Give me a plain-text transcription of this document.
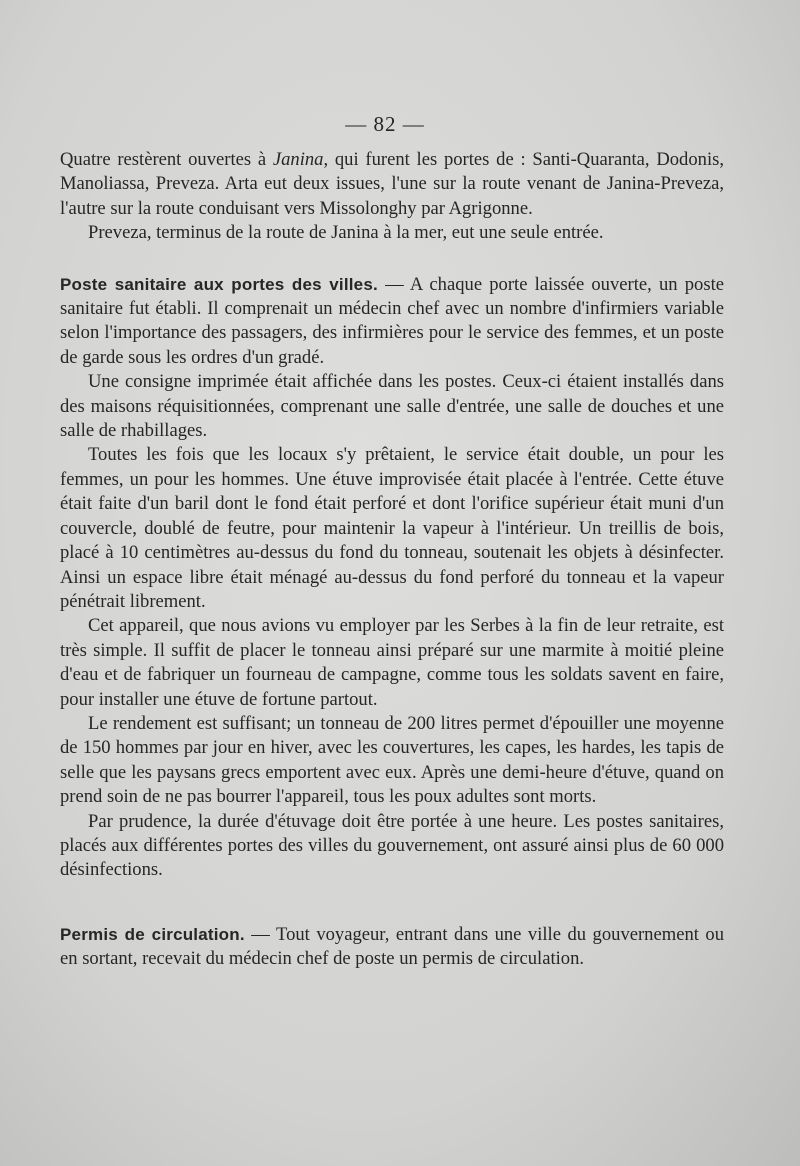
— 82 —

Quatre restèrent ouvertes à Janina, qui furent les portes de : Santi-Quaranta, Dodonis, Manoliassa, Preveza. Arta eut deux issues, l'une sur la route venant de Janina-Preveza, l'autre sur la route conduisant vers Missolonghy par Agrigonne.

Preveza, terminus de la route de Janina à la mer, eut une seule entrée.

Poste sanitaire aux portes des villes. — A chaque porte laissée ouverte, un poste sanitaire fut établi. Il comprenait un médecin chef avec un nombre d'infirmiers variable selon l'importance des passagers, des infirmières pour le service des femmes, et un poste de garde sous les ordres d'un gradé.

Une consigne imprimée était affichée dans les postes. Ceux-ci étaient installés dans des maisons réquisitionnées, comprenant une salle d'entrée, une salle de douches et une salle de rhabillages.

Toutes les fois que les locaux s'y prêtaient, le service était double, un pour les femmes, un pour les hommes. Une étuve improvisée était placée à l'entrée. Cette étuve était faite d'un baril dont le fond était perforé et dont l'orifice supérieur était muni d'un couvercle, doublé de feutre, pour maintenir la vapeur à l'intérieur. Un treillis de bois, placé à 10 centimètres au-dessus du fond du tonneau, soutenait les objets à désinfecter. Ainsi un espace libre était ménagé au-dessus du fond perforé du tonneau et la vapeur pénétrait librement.

Cet appareil, que nous avions vu employer par les Serbes à la fin de leur retraite, est très simple. Il suffit de placer le tonneau ainsi préparé sur une marmite à moitié pleine d'eau et de fabriquer un fourneau de campagne, comme tous les soldats savent en faire, pour installer une étuve de fortune partout.

Le rendement est suffisant; un tonneau de 200 litres permet d'épouiller une moyenne de 150 hommes par jour en hiver, avec les couvertures, les capes, les hardes, les tapis de selle que les paysans grecs emportent avec eux. Après une demi-heure d'étuve, quand on prend soin de ne pas bourrer l'appareil, tous les poux adultes sont morts.

Par prudence, la durée d'étuvage doit être portée à une heure. Les postes sanitaires, placés aux différentes portes des villes du gouvernement, ont assuré ainsi plus de 60 000 désinfections.

Permis de circulation. — Tout voyageur, entrant dans une ville du gouvernement ou en sortant, recevait du médecin chef de poste un permis de circulation.
